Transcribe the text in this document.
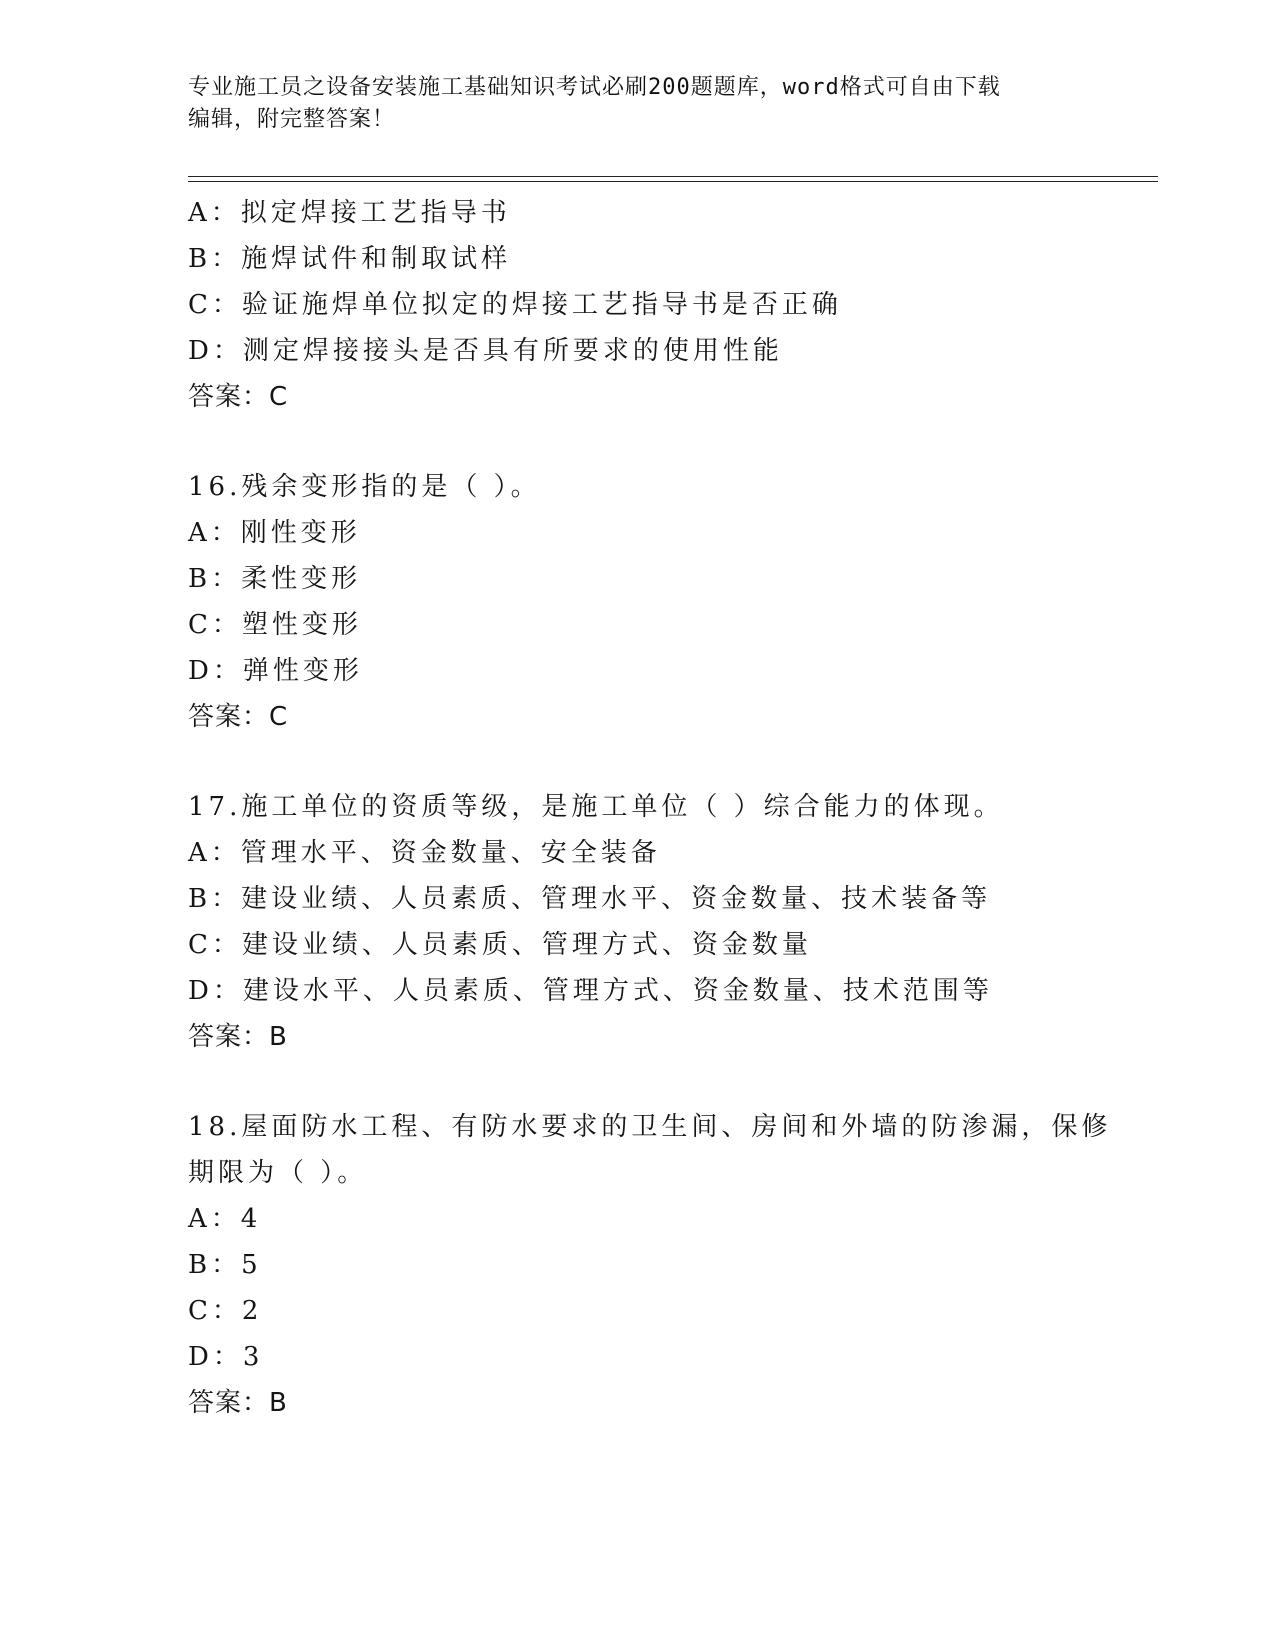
专业施工员之设备安装施工基础知识考试必刷200题题库，word格式可自由下载
编辑，附完整答案！
A：拟定焊接工艺指导书
B：施焊试件和制取试样
C：验证施焊单位拟定的焊接工艺指导书是否正确
D：测定焊接接头是否具有所要求的使用性能
答案：C
16.残余变形指的是（ ）。
A：刚性变形
B：柔性变形
C：塑性变形
D：弹性变形
答案：C
17.施工单位的资质等级，是施工单位（ ）综合能力的体现。
A：管理水平、资金数量、安全装备
B：建设业绩、人员素质、管理水平、资金数量、技术装备等
C：建设业绩、人员素质、管理方式、资金数量
D：建设水平、人员素质、管理方式、资金数量、技术范围等
答案：B
18.屋面防水工程、有防水要求的卫生间、房间和外墙的防渗漏，保修
期限为（ ）。
A：4
B：5
C：2
D：3
答案：B
